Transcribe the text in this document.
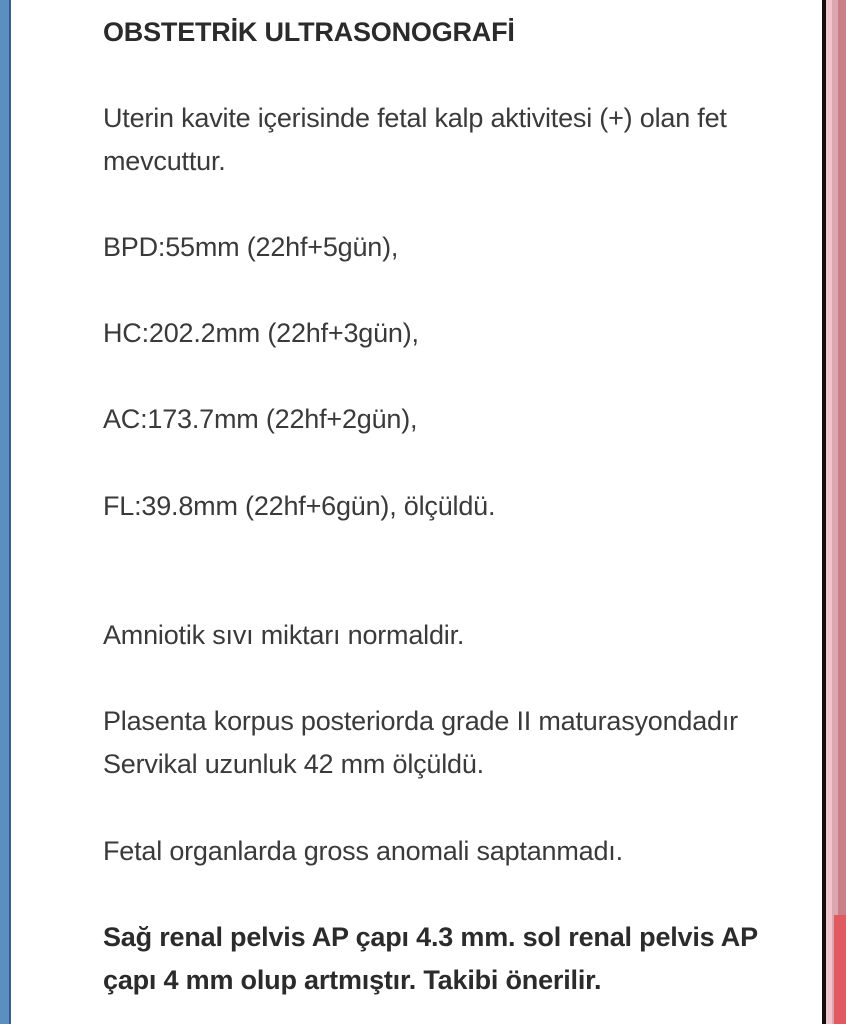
OBSTETRİK ULTRASONOGRAFİ
Uterin kavite içerisinde fetal kalp aktivitesi (+) olan fet
mevcuttur.
BPD:55mm (22hf+5gün),
HC:202.2mm (22hf+3gün),
AC:173.7mm (22hf+2gün),
FL:39.8mm (22hf+6gün), ölçüldü.
Amniotik sıvı miktarı normaldir.
Plasenta korpus posteriorda grade II maturasyondadır
Servikal uzunluk 42 mm ölçüldü.
Fetal organlarda gross anomali saptanmadı.
Sağ renal pelvis AP çapı 4.3 mm. sol renal pelvis AP
çapı 4 mm olup artmıştır. Takibi önerilir.
